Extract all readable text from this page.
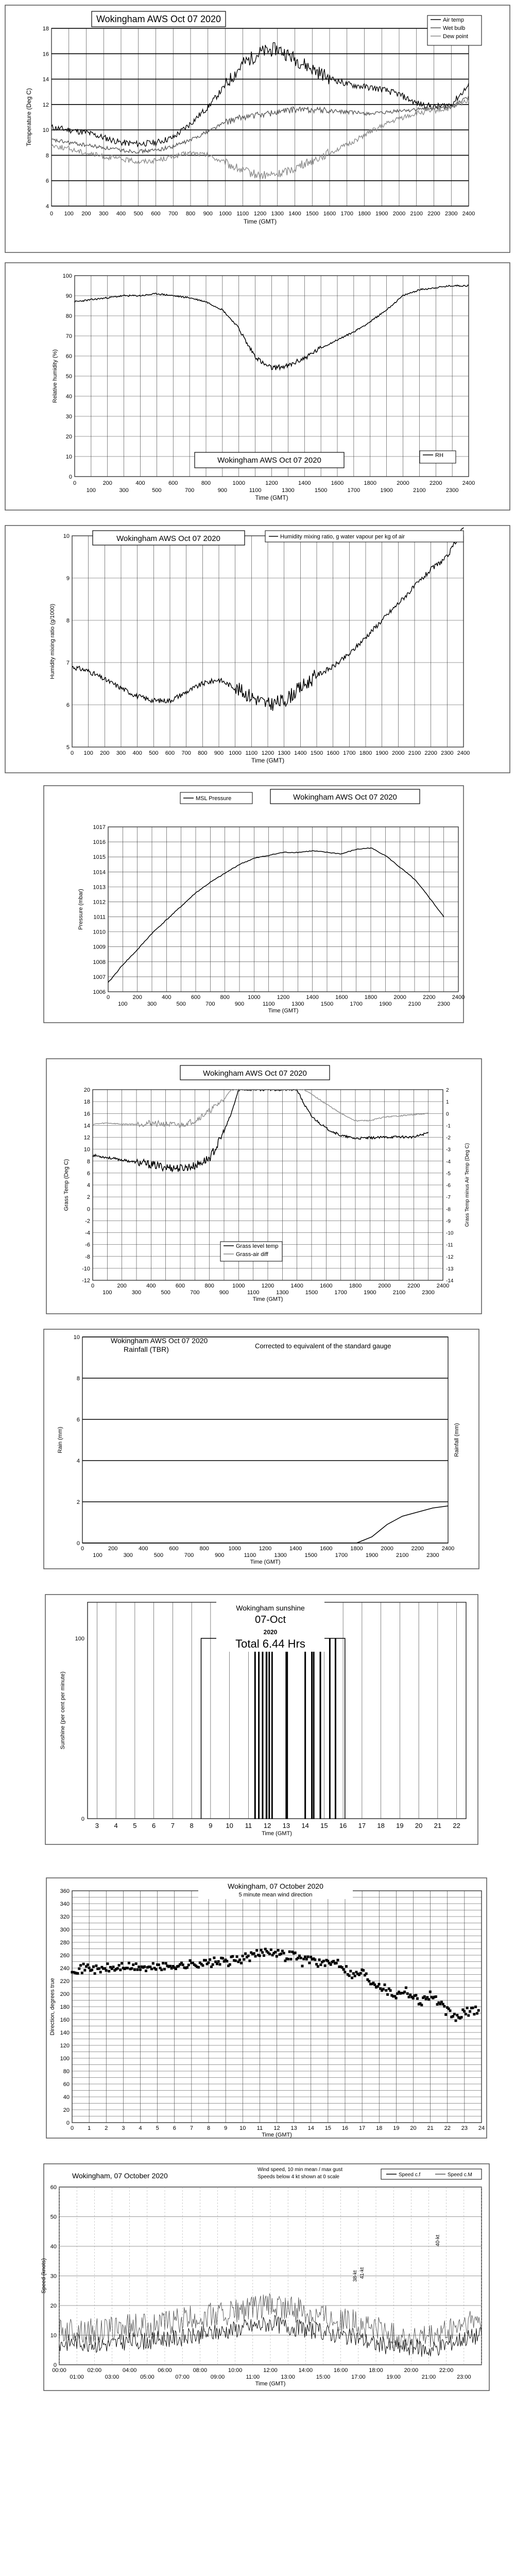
4
6
8
10
12
14
16
18
0 100 200 300 400 500 600 700 800 900 1000 1100 1200 1300 1400 1500 1600 1700 1800 1900 2000 2100 2200 2300 2400
Time (GMT)
Temperature (Deg C)
Wokingham AWS Oct 07 2020	Air temp
Wet bulb
Dew point
0
10
20
30
40
50
60
70
80
90
100
0	200	400	600	800	1000	1200	1400	1600	1800	2000	2200	2400
100	300	500	700	900	1100	1300	1500	1700	1900	2100	2300
Time (GMT)
Relative humidity (%)
Wokingham AWS Oct 07 2020
RH
5
6
7
8
9
10
0 100 200 300 400 500 600 700 800 900 1000 1100 1200 1300 1400 1500 1600 1700 1800 1900 2000 2100 2200 2300 2400
Time (GMT)
Humidity mixing ratio (g/1000)
Wokingham AWS Oct 07 2020	Humidity mixing ratio, g water vapour per kg of air
1006
1007
1008
1009
1010
1011
1012
1013
1014
1015
1016
1017
0	200	400	600	800	1000	1200	1400	1600	1800	2000	2200	2400
100	300	500	700	900	1100	1300	1500	1700	1900	2100	2300
Time (GMT)
Pressure (mbar)
MSL Pressure	Wokingham AWS Oct 07 2020
-12
-10
-8
-6
-4
-2
0
2
4
6
8
10
12
14
16
18
20
-14
-13
-12
-11
-10
-9
-8
-7
-6
-5
-4
-3
-2
-1
0
1
2
0	200	400	600	800	1000	1200	1400	1600	1800	2000	2200	2400
100	300	500	700	900	1100	1300	1500	1700	1900	2100	2300
Time (GMT)
Grass Temp (Deg C)	Grass Temp minus Air Temp (Deg C)
Wokingham AWS Oct 07 2020
Grass level temp
Grass-air diff
0
2
4
6
8
10
0	200	400	600	800	1000	1200	1400	1600	1800	2000	2200	2400
100	300	500	700	900	1100	1300	1500	1700	1900	2100	2300
Time (GMT)
Rain (mm)	Rainfall (mm)
Wokingham AWS Oct 07 2020
Rainfall (TBR)	Corrected to equivalent of the standard gauge
100
0
3 4 5 6 7 8 9 10 11 12 13 14 15 16 17 18 19 20 21 22
Time (GMT)
Sunshine (per cent per minute)
Wokingham sunshine
07-Oct
2020
Total 6.44 Hrs
0
20
40
60
80
100
120
140
160
180
200
220
240
260
280
300
320
340
360
0 1 2 3 4 5 6 7 8 9 10 11 12 13 14 15 16 17 18 19 20 21 22 23 24
Time (GMT)
Direction, degrees true
Wokingham, 07 October 2020
5 minute mean wind direction
0
10
20
30
40
50
60
00:00	02:00	04:00	06:00	08:00	10:00	12:00	14:00	16:00	18:00	20:00	22:00
01:00	03:00	05:00	07:00	09:00	11:00	13:00	15:00	17:00	19:00	21:00	23:00
Time (GMT)
Speed (knots)	38-kt 41-kt
40-kt
Wokingham, 07 October 2020
Wind speed, 10 min mean / max gust
Speeds below 4 kt shown at 0 scale	Speed c.f	Speed c.M
